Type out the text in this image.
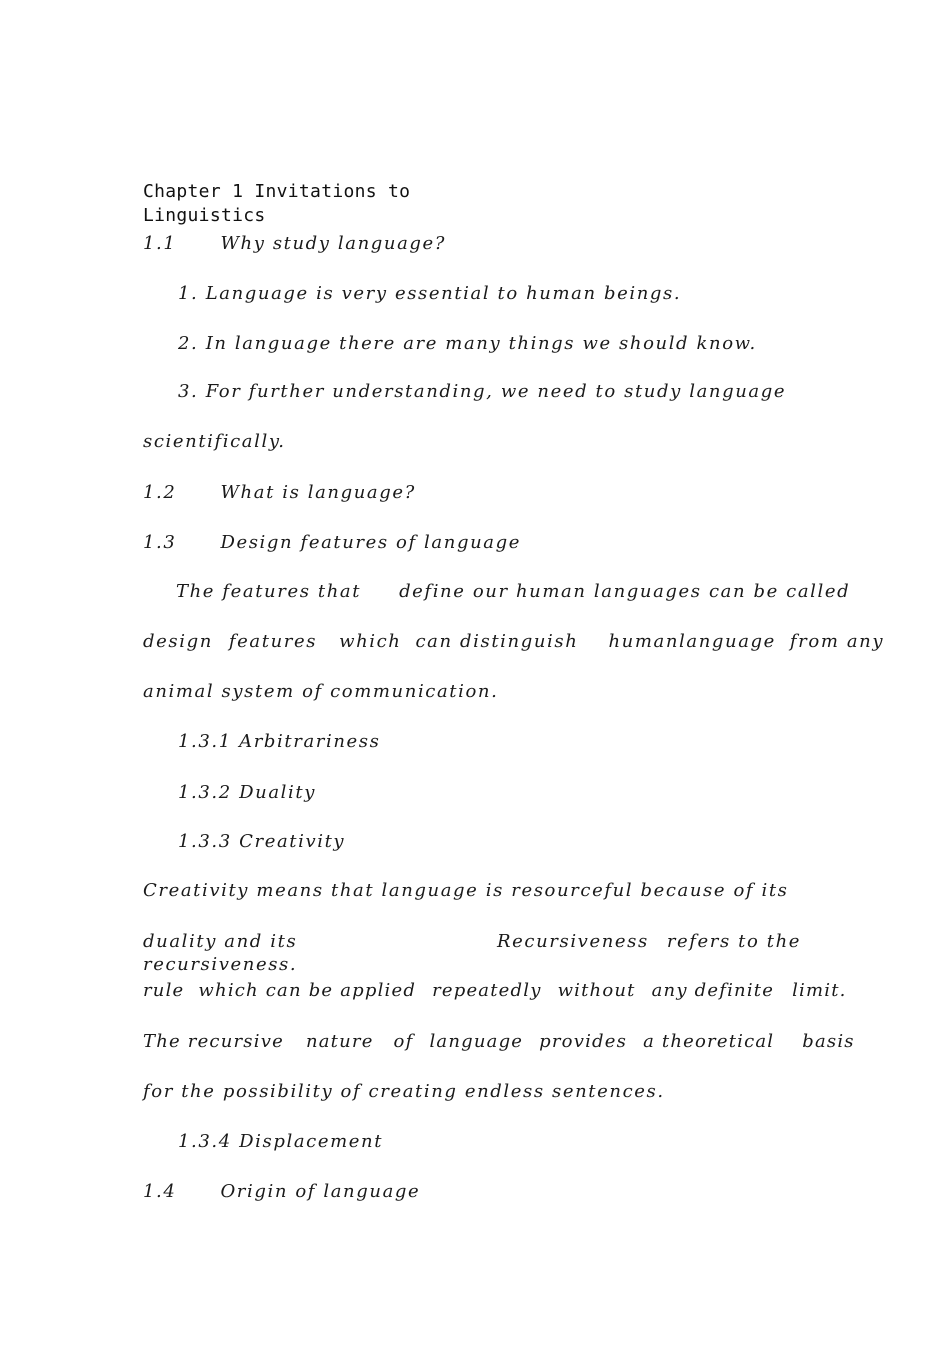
Chapter 1 Invitations to
Linguistics
1.1 Why study language?
1. Language is very essential to human beings.
2. In language there are many things we should know.
3. For further understanding, we need to study language
scientifically.
1.2 What is language?
1.3 Design features of language
The features that define our human languages can be called
design features which can distinguish humanlanguage from any
animal system of communication.
1.3.1 Arbitrariness
1.3.2 Duality
1.3.3 Creativity
Creativity means that language is resourceful because of its
duality and its	Recursiveness refers to the
recursiveness.
rule which can be applied repeatedly without any definite limit.
The recursive nature of language provides a theoretical basis
for the possibility of creating endless sentences.
1.3.4 Displacement
1.4 Origin of language
